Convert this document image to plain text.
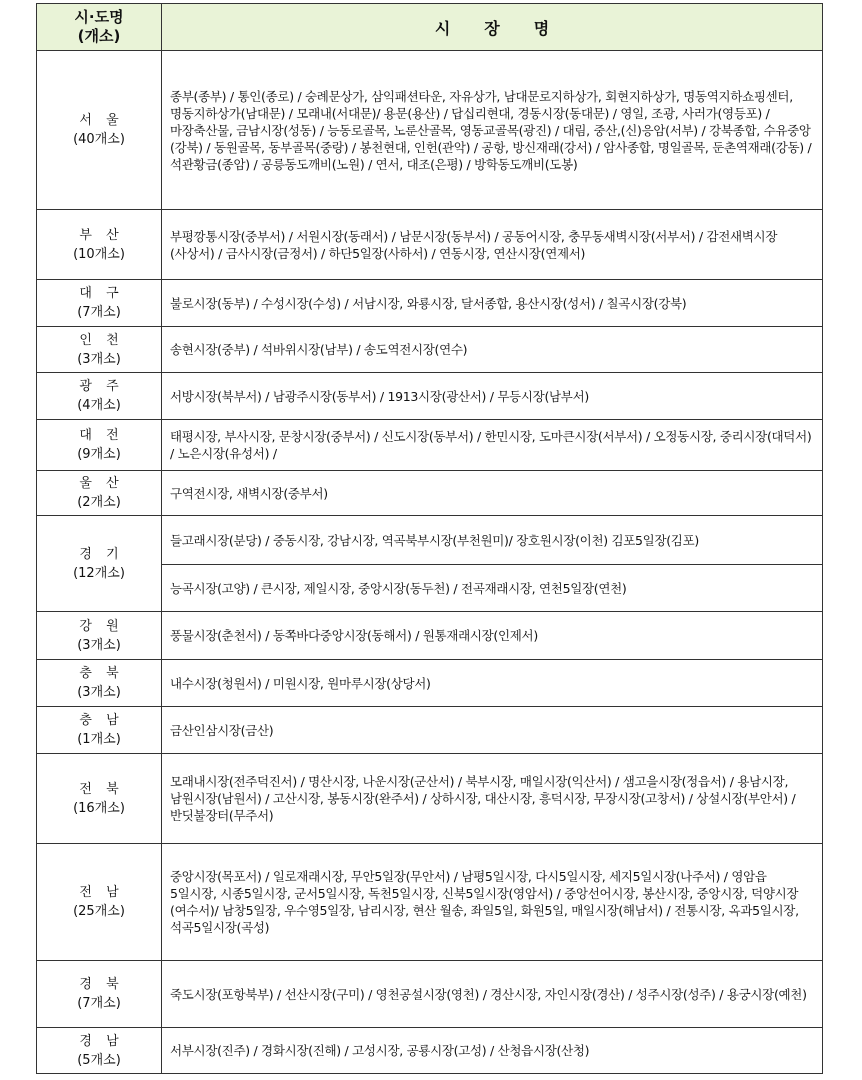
시·도명
(개소)	시장명

서 울
(40개소)	종부(종부) / 통인(종로) / 숭례문상가, 삼익패션타운, 자유상가, 남대문로지하상가, 회현지하상가, 명동역지하쇼핑센터, 명동지하상가(남대문) / 모래내(서대문)/ 용문(용산) / 답십리현대, 경동시장(동대문) / 영일, 조광, 사러가(영등포) / 마장축산물, 금남시장(성동) / 능동로골목, 노룬산골목, 영동교골목(광진) / 대림, 중산,(신)응암(서부) / 강북종합, 수유중앙(강북) / 동원골목, 동부골목(중랑) / 봉천현대, 인헌(관악) / 공항, 방신재래(강서) / 암사종합, 명일골목, 둔촌역재래(강동) / 석관황금(종암) / 공릉동도깨비(노원) / 연서, 대조(은평) / 방학동도깨비(도봉)

부 산
(10개소)	부평깡통시장(중부서) / 서원시장(동래서) / 남문시장(동부서) / 공동어시장, 충무동새벽시장(서부서) / 감전새벽시장(사상서) / 금사시장(금정서) / 하단5일장(사하서) / 연동시장, 연산시장(연제서)

대 구
(7개소)	불로시장(동부) / 수성시장(수성) / 서남시장, 와룡시장, 달서종합, 용산시장(성서) / 칠곡시장(강북)

인 천
(3개소)	송현시장(중부) / 석바위시장(남부) / 송도역전시장(연수)

광 주
(4개소)	서방시장(북부서) / 남광주시장(동부서) / 1913시장(광산서) / 무등시장(남부서)

대 전
(9개소)	태평시장, 부사시장, 문창시장(중부서) / 신도시장(동부서) / 한민시장, 도마큰시장(서부서) / 오정동시장, 중리시장(대덕서) / 노은시장(유성서) /

울 산
(2개소)	구역전시장, 새벽시장(중부서)

경 기
(12개소)	들고래시장(분당) / 중동시장, 강남시장, 역곡북부시장(부천원미)/ 장호원시장(이천) 김포5일장(김포)
	능곡시장(고양) / 큰시장, 제일시장, 중앙시장(동두천) / 전곡재래시장, 연천5일장(연천)

강 원
(3개소)	풍물시장(춘천서) / 동쪽바다중앙시장(동해서) / 원통재래시장(인제서)

충 북
(3개소)	내수시장(청원서) / 미원시장, 원마루시장(상당서)

충 남
(1개소)	금산인삼시장(금산)

전 북
(16개소)	모래내시장(전주덕진서) / 명산시장, 나운시장(군산서) / 북부시장, 매일시장(익산서) / 샘고을시장(정읍서) / 용남시장, 남원시장(남원서) / 고산시장, 봉동시장(완주서) / 상하시장, 대산시장, 흥덕시장, 무장시장(고창서) / 상설시장(부안서) / 반딧불장터(무주서)

전 남
(25개소)	중앙시장(목포서) / 일로재래시장, 무안5일장(무안서) / 남평5일시장, 다시5일시장, 세지5일시장(나주서) / 영암읍 5일시장, 시종5일시장, 군서5일시장, 독천5일시장, 신북5일시장(영암서) / 중앙선어시장, 봉산시장, 중앙시장, 덕양시장(여수서)/ 남창5일장, 우수영5일장, 남리시장, 현산 월송, 좌일5일, 화원5일, 매일시장(해남서) / 전통시장, 옥과5일시장, 석곡5일시장(곡성)

경 북
(7개소)	죽도시장(포항북부) / 선산시장(구미) / 영천공설시장(영천) / 경산시장, 자인시장(경산) / 성주시장(성주) / 용궁시장(예천)

경 남
(5개소)	서부시장(진주) / 경화시장(진해) / 고성시장, 공룡시장(고성) / 산청읍시장(산청)
